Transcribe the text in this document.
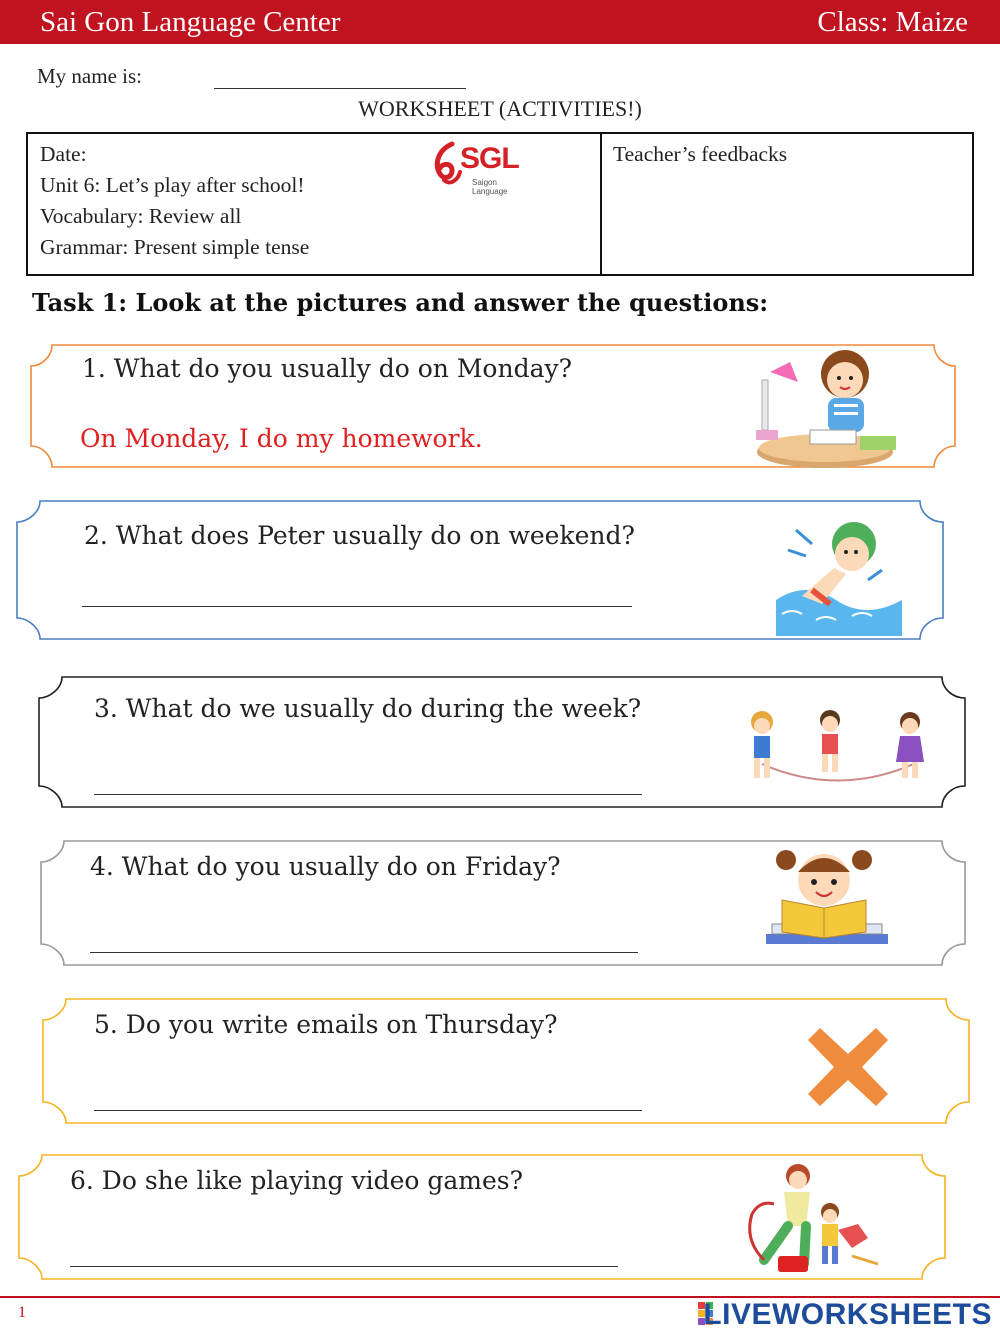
Sai Gon Language Center	Class: Maize
My name is:
WORKSHEET (ACTIVITIES!)
Date:
Unit 6: Let’s play after school!
Vocabulary: Review all
Grammar: Present simple tense
Teacher’s feedbacks
SGL
Saigon Language
Task 1: Look at the pictures and answer the questions:
1. What do you usually do on Monday?
On Monday, I do my homework.
2. What does Peter usually do on weekend?
3. What do we usually do during the week?
4. What do you usually do on Friday?
5. Do you write emails on Thursday?
6. Do she like playing video games?
1	LIVEWORKSHEETS
